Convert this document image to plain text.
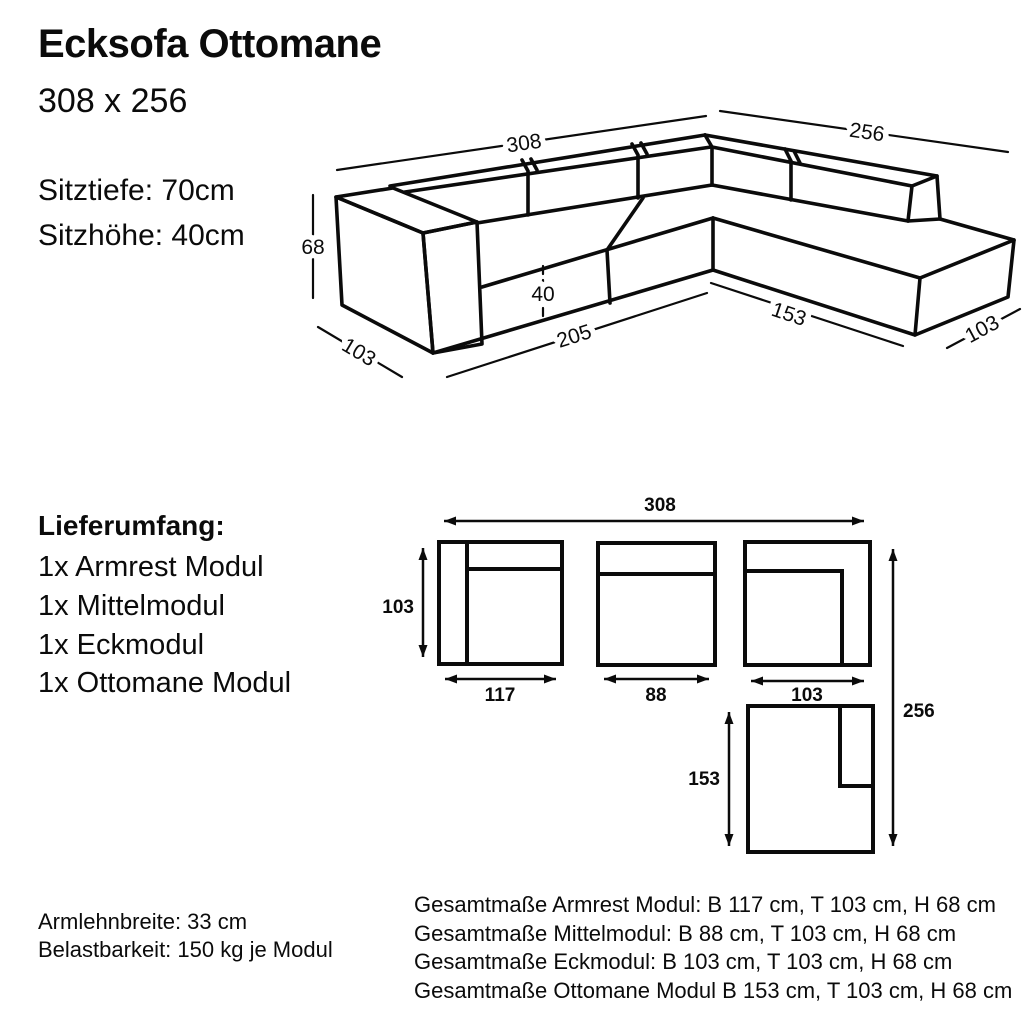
Ecksofa Ottomane
308 x 256
Sitztiefe: 70cm
Sitzhöhe: 40cm
Lieferumfang:
1x Armrest Modul
1x Mittelmodul
1x Eckmodul
1x Ottomane Modul
Armlehnbreite: 33 cm
Belastbarkeit: 150 kg je Modul
Gesamtmaße Armrest Modul: B 117 cm, T 103 cm, H 68 cm
Gesamtmaße Mittelmodul: B 88 cm, T 103 cm, H 68 cm
Gesamtmaße Eckmodul: B 103 cm, T 103 cm, H 68 cm
Gesamtmaße Ottomane Modul B 153 cm, T 103 cm, H 68 cm
308	256
68
103
40
205
153	103
308
103
117	88	103
256
153
